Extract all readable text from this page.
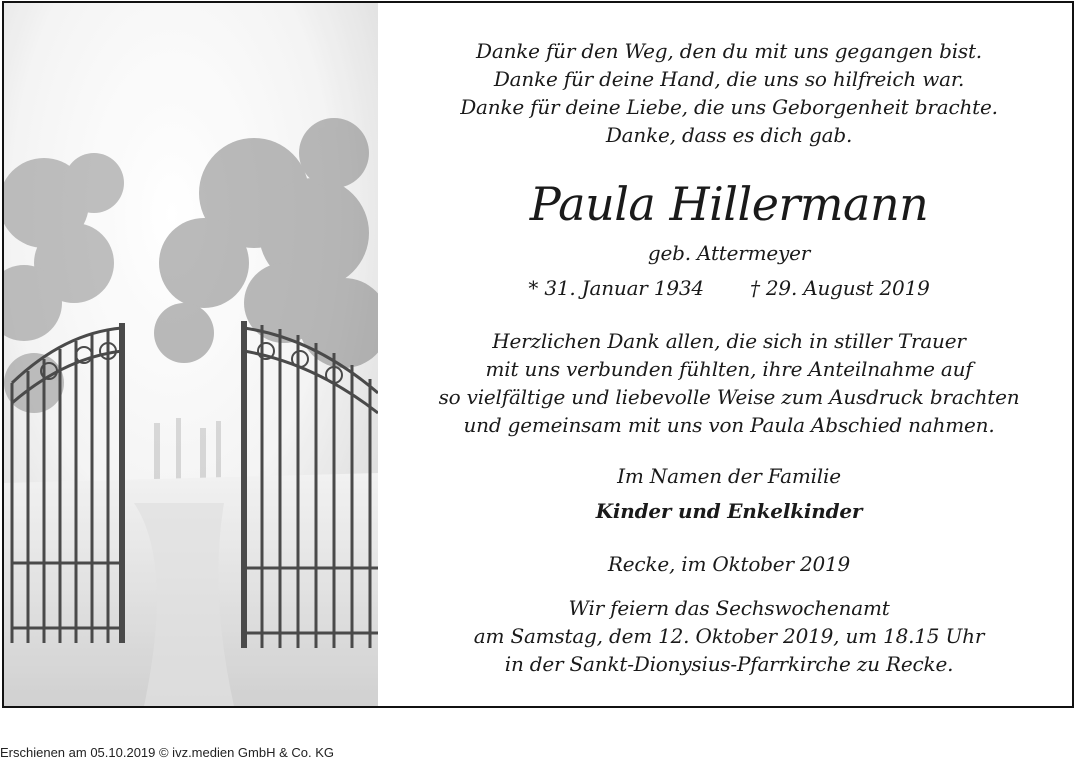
Danke für den Weg, den du mit uns gegangen bist.
Danke für deine Hand, die uns so hilfreich war.
Danke für deine Liebe, die uns Geborgenheit brachte.
Danke, dass es dich gab.
Paula Hillermann
geb. Attermeyer
* 31. Januar 1934 † 29. August 2019
Herzlichen Dank allen, die sich in stiller Trauer
mit uns verbunden fühlten, ihre Anteilnahme auf
so vielfältige und liebevolle Weise zum Ausdruck brachten
und gemeinsam mit uns von Paula Abschied nahmen.
Im Namen der Familie
Kinder und Enkelkinder
Recke, im Oktober 2019
Wir feiern das Sechswochenamt
am Samstag, dem 12. Oktober 2019, um 18.15 Uhr
in der Sankt-Dionysius-Pfarrkirche zu Recke.
Erschienen am 05.10.2019 © ivz.medien GmbH & Co. KG
